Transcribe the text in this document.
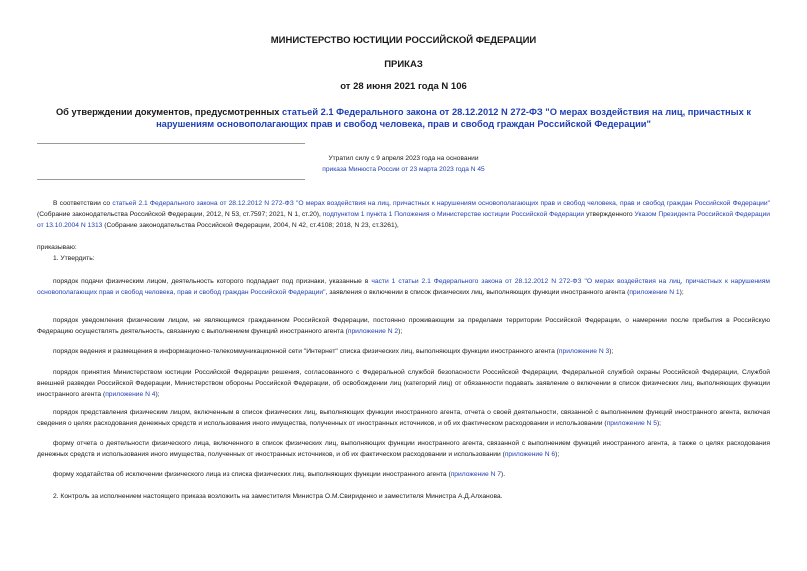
МИНИСТЕРСТВО ЮСТИЦИИ РОССИЙСКОЙ ФЕДЕРАЦИИ
ПРИКАЗ
от 28 июня 2021 года N 106
Об утверждении документов, предусмотренных статьей 2.1 Федерального закона от 28.12.2012 N 272-ФЗ "О мерах воздействия на лиц, причастных к нарушениям основополагающих прав и свобод человека, прав и свобод граждан Российской Федерации"
Утратил силу с 9 апреля 2023 года на основании
приказа Минюста России от 23 марта 2023 года N 45
В соответствии со статьей 2.1 Федерального закона от 28.12.2012 N 272-ФЗ "О мерах воздействия на лиц, причастных к нарушениям основополагающих прав и свобод человека, прав и свобод граждан Российской Федерации" (Собрание законодательства Российской Федерации, 2012, N 53, ст.7597; 2021, N 1, ст.20), подпунктом 1 пункта 1 Положения о Министерстве юстиции Российской Федерации утвержденного Указом Президента Российской Федерации от 13.10.2004 N 1313 (Собрание законодательства Российской Федерации, 2004, N 42, ст.4108; 2018, N 23, ст.3261),
приказываю:
1. Утвердить:
порядок подачи физическим лицом, деятельность которого подпадает под признаки, указанные в части 1 статьи 2.1 Федерального закона от 28.12.2012 N 272-ФЗ "О мерах воздействия на лиц, причастных к нарушениям основополагающих прав и свобод человека, прав и свобод граждан Российской Федерации", заявления о включении в список физических лиц, выполняющих функции иностранного агента (приложение N 1);
порядок уведомления физическим лицом, не являющимся гражданином Российской Федерации, постоянно проживающим за пределами территории Российской Федерации, о намерении после прибытия в Российскую Федерацию осуществлять деятельность, связанную с выполнением функций иностранного агента (приложение N 2);
порядок ведения и размещения в информационно-телекоммуникационной сети "Интернет" списка физических лиц, выполняющих функции иностранного агента (приложение N 3);
порядок принятия Министерством юстиции Российской Федерации решения, согласованного с Федеральной службой безопасности Российской Федерации, Федеральной службой охраны Российской Федерации, Службой внешней разведки Российской Федерации, Министерством обороны Российской Федерации, об освобождении лиц (категорий лиц) от обязанности подавать заявление о включении в список физических лиц, выполняющих функции иностранного агента (приложение N 4);
порядок представления физическим лицом, включенным в список физических лиц, выполняющих функции иностранного агента, отчета о своей деятельности, связанной с выполнением функций иностранного агента, включая сведения о целях расходования денежных средств и использования иного имущества, полученных от иностранных источников, и об их фактическом расходовании и использовании (приложение N 5);
форму отчета о деятельности физического лица, включенного в список физических лиц, выполняющих функции иностранного агента, связанной с выполнением функций иностранного агента, а также о целях расходования денежных средств и использования иного имущества, полученных от иностранных источников, и об их фактическом расходовании и использовании (приложение N 6);
форму ходатайства об исключении физического лица из списка физических лиц, выполняющих функции иностранного агента (приложение N 7).
2. Контроль за исполнением настоящего приказа возложить на заместителя Министра О.М.Свириденко и заместителя Министра А.Д.Алханова.
